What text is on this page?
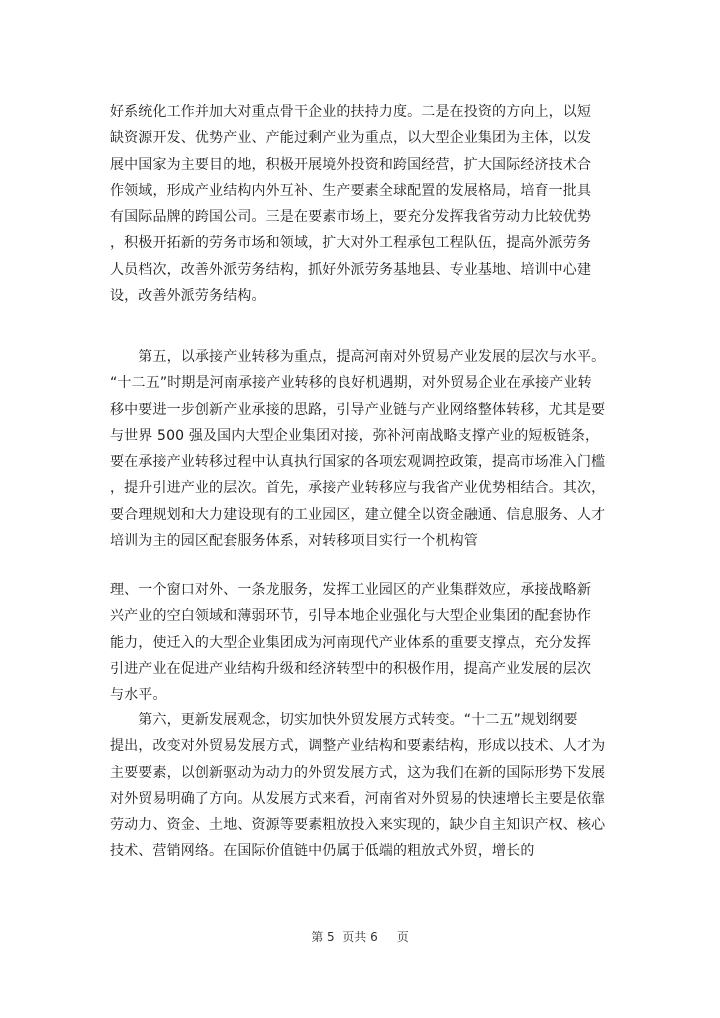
好系统化工作并加大对重点骨干企业的扶持力度。二是在投资的方向上，以短
缺资源开发、优势产业、产能过剩产业为重点，以大型企业集团为主体，以发
展中国家为主要目的地，积极开展境外投资和跨国经营，扩大国际经济技术合
作领域，形成产业结构内外互补、生产要素全球配置的发展格局，培育一批具
有国际品牌的跨国公司。三是在要素市场上，要充分发挥我省劳动力比较优势
，积极开拓新的劳务市场和领域，扩大对外工程承包工程队伍，提高外派劳务
人员档次，改善外派劳务结构，抓好外派劳务基地县、专业基地、培训中心建
设，改善外派劳务结构。
　　第五，以承接产业转移为重点，提高河南对外贸易产业发展的层次与水平。
“十二五”时期是河南承接产业转移的良好机遇期，对外贸易企业在承接产业转
移中要进一步创新产业承接的思路，引导产业链与产业网络整体转移，尤其是要
与世界 500 强及国内大型企业集团对接，弥补河南战略支撑产业的短板链条，
要在承接产业转移过程中认真执行国家的各项宏观调控政策，提高市场准入门槛
，提升引进产业的层次。首先，承接产业转移应与我省产业优势相结合。其次，
要合理规划和大力建设现有的工业园区，建立健全以资金融通、信息服务、人才
培训为主的园区配套服务体系，对转移项目实行一个机构管
理、一个窗口对外、一条龙服务，发挥工业园区的产业集群效应，承接战略新
兴产业的空白领域和薄弱环节，引导本地企业强化与大型企业集团的配套协作
能力，使迁入的大型企业集团成为河南现代产业体系的重要支撑点，充分发挥
引进产业在促进产业结构升级和经济转型中的积极作用，提高产业发展的层次
与水平。
　　第六，更新发展观念，切实加快外贸发展方式转变。“十二五”规划纲要
提出，改变对外贸易发展方式，调整产业结构和要素结构，形成以技术、人才为
主要要素，以创新驱动为动力的外贸发展方式，这为我们在新的国际形势下发展
对外贸易明确了方向。从发展方式来看，河南省对外贸易的快速增长主要是依靠
劳动力、资金、土地、资源等要素粗放投入来实现的，缺少自主知识产权、核心
技术、营销网络。在国际价值链中仍属于低端的粗放式外贸，增长的
第 5  页共 6     页
